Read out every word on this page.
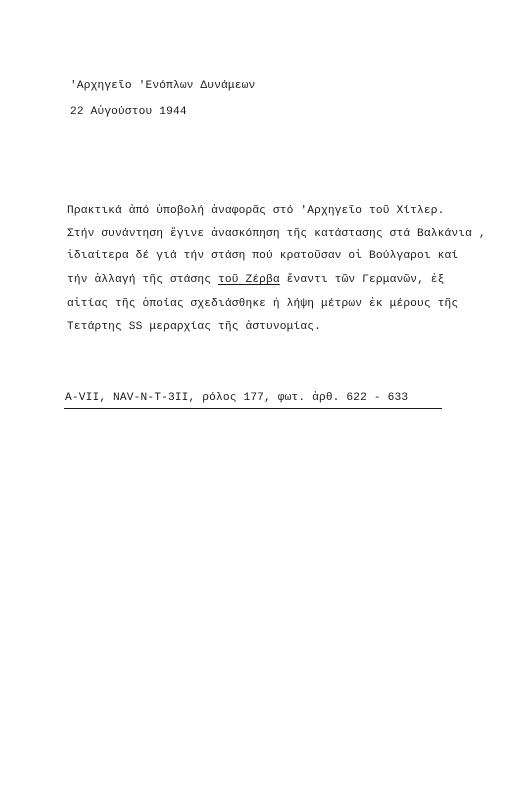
'Αρχηγεῖο 'Ενόπλων Δυνάμεων
22 Αὐγούστου 1944
Πρακτικά ἀπό ὑποβολή ἀναφορᾶς στό 'Αρχηγεῖο τοῦ Χίτλερ.
Στήν συνάντηση ἔγινε ἀνασκόπηση τῆς κατάστασης στά Βαλκάνια ,
ἰδιαίτερα δέ γιά τήν στάση πού κρατοῦσαν οἱ Βούλγαροι καί
τήν ἀλλαγή τῆς στάσης τοῦ Ζέρβα ἔναντι τῶν Γερμανῶν, ἐξ
αἰτίας τῆς ὁποίας σχεδιάσθηκε ἡ λήψη μέτρων ἐκ μέρους τῆς
Τετάρτης SS μεραρχίας τῆς ἀστυνομίας.
A-VII, NAV-N-T-3II, ρόλος 177, φωτ. ἀρθ. 622 - 633
